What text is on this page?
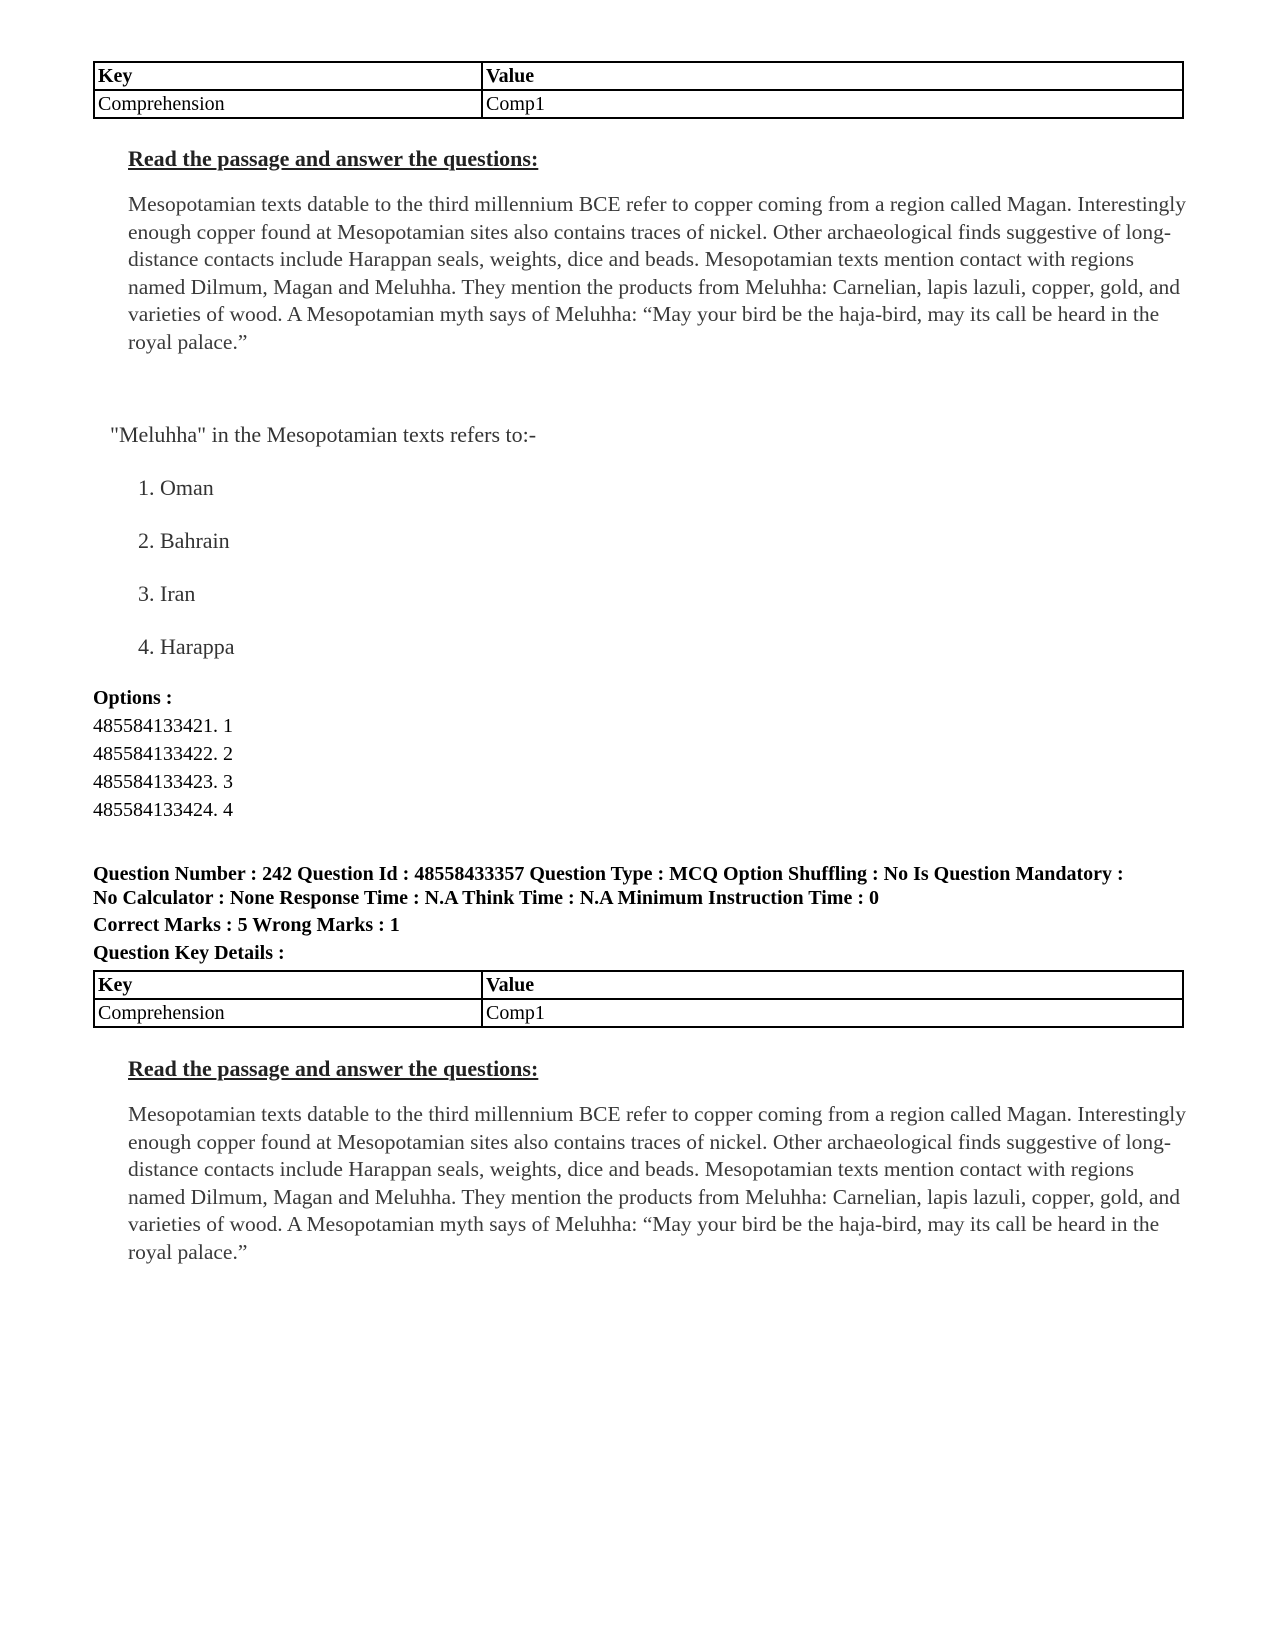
Key	Value
Comprehension	Comp1

Read the passage and answer the questions:

Mesopotamian texts datable to the third millennium BCE refer to copper coming from a region called Magan. Interestingly enough copper found at Mesopotamian sites also contains traces of nickel. Other archaeological finds suggestive of long-distance contacts include Harappan seals, weights, dice and beads. Mesopotamian texts mention contact with regions named Dilmum, Magan and Meluhha. They mention the products from Meluhha: Carnelian, lapis lazuli, copper, gold, and varieties of wood. A Mesopotamian myth says of Meluhha: “May your bird be the haja-bird, may its call be heard in the royal palace.”

"Meluhha" in the Mesopotamian texts refers to:-
1. Oman
2. Bahrain
3. Iran
4. Harappa
Options :
485584133421. 1
485584133422. 2
485584133423. 3
485584133424. 4
Question Number : 242 Question Id : 48558433357 Question Type : MCQ Option Shuffling : No Is Question Mandatory :
No Calculator : None Response Time : N.A Think Time : N.A Minimum Instruction Time : 0
Correct Marks : 5 Wrong Marks : 1
Question Key Details :
Key	Value
Comprehension	Comp1

Read the passage and answer the questions:

Mesopotamian texts datable to the third millennium BCE refer to copper coming from a region called Magan. Interestingly enough copper found at Mesopotamian sites also contains traces of nickel. Other archaeological finds suggestive of long-distance contacts include Harappan seals, weights, dice and beads. Mesopotamian texts mention contact with regions named Dilmum, Magan and Meluhha. They mention the products from Meluhha: Carnelian, lapis lazuli, copper, gold, and varieties of wood. A Mesopotamian myth says of Meluhha: “May your bird be the haja-bird, may its call be heard in the royal palace.”
